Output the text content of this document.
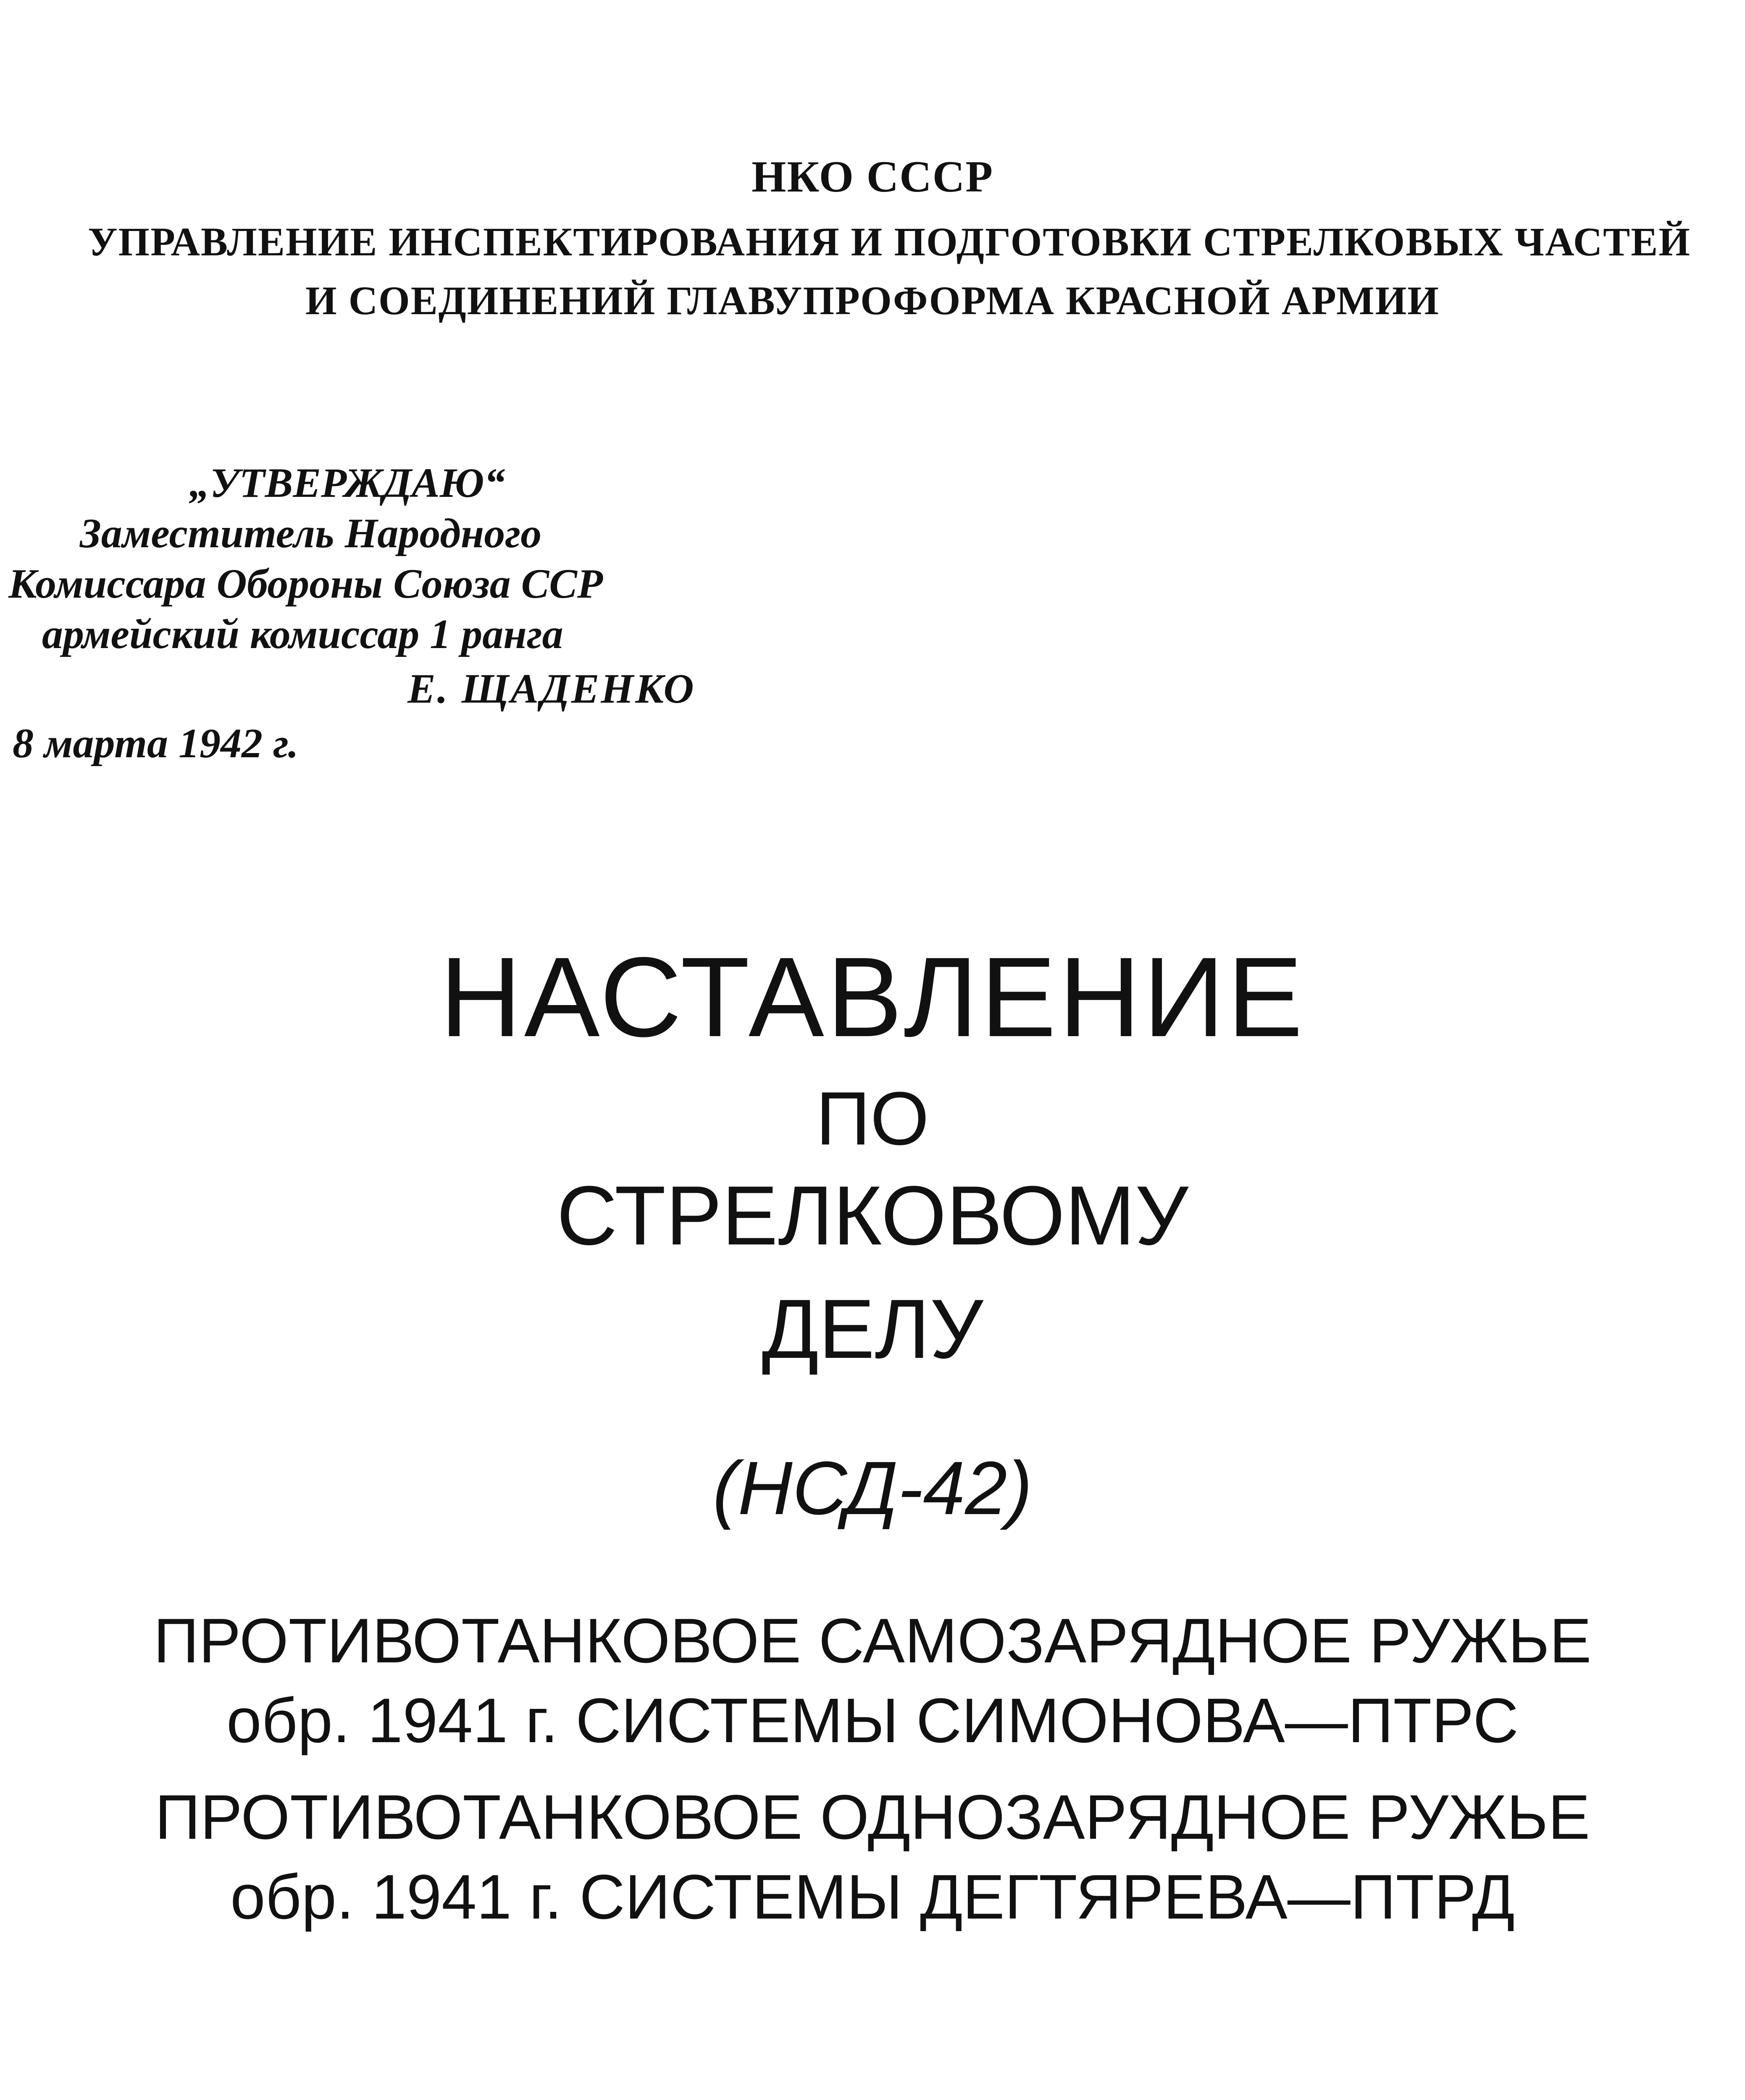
НКО СССР
УПРАВЛЕНИЕ ИНСПЕКТИРОВАНИЯ И ПОДГОТОВКИ СТРЕЛКОВЫХ ЧАСТЕЙ
И СОЕДИНЕНИЙ ГЛАВУПРОФОРМА КРАСНОЙ АРМИИ
„УТВЕРЖДАЮ“
Заместитель Народного
Комиссара Обороны Союза ССР
армейский комиссар 1 ранга
Е. ЩАДЕНКО
8 марта 1942 г.
НАСТАВЛЕНИЕ
ПО
СТРЕЛКОВОМУ
ДЕЛУ
(НСД-42)
ПРОТИВОТАНКОВОЕ САМОЗАРЯДНОЕ РУЖЬЕ
обр. 1941 г. СИСТЕМЫ СИМОНОВА—ПТРС
ПРОТИВОТАНКОВОЕ ОДНОЗАРЯДНОЕ РУЖЬЕ
обр. 1941 г. СИСТЕМЫ ДЕГТЯРЕВА—ПТРД
